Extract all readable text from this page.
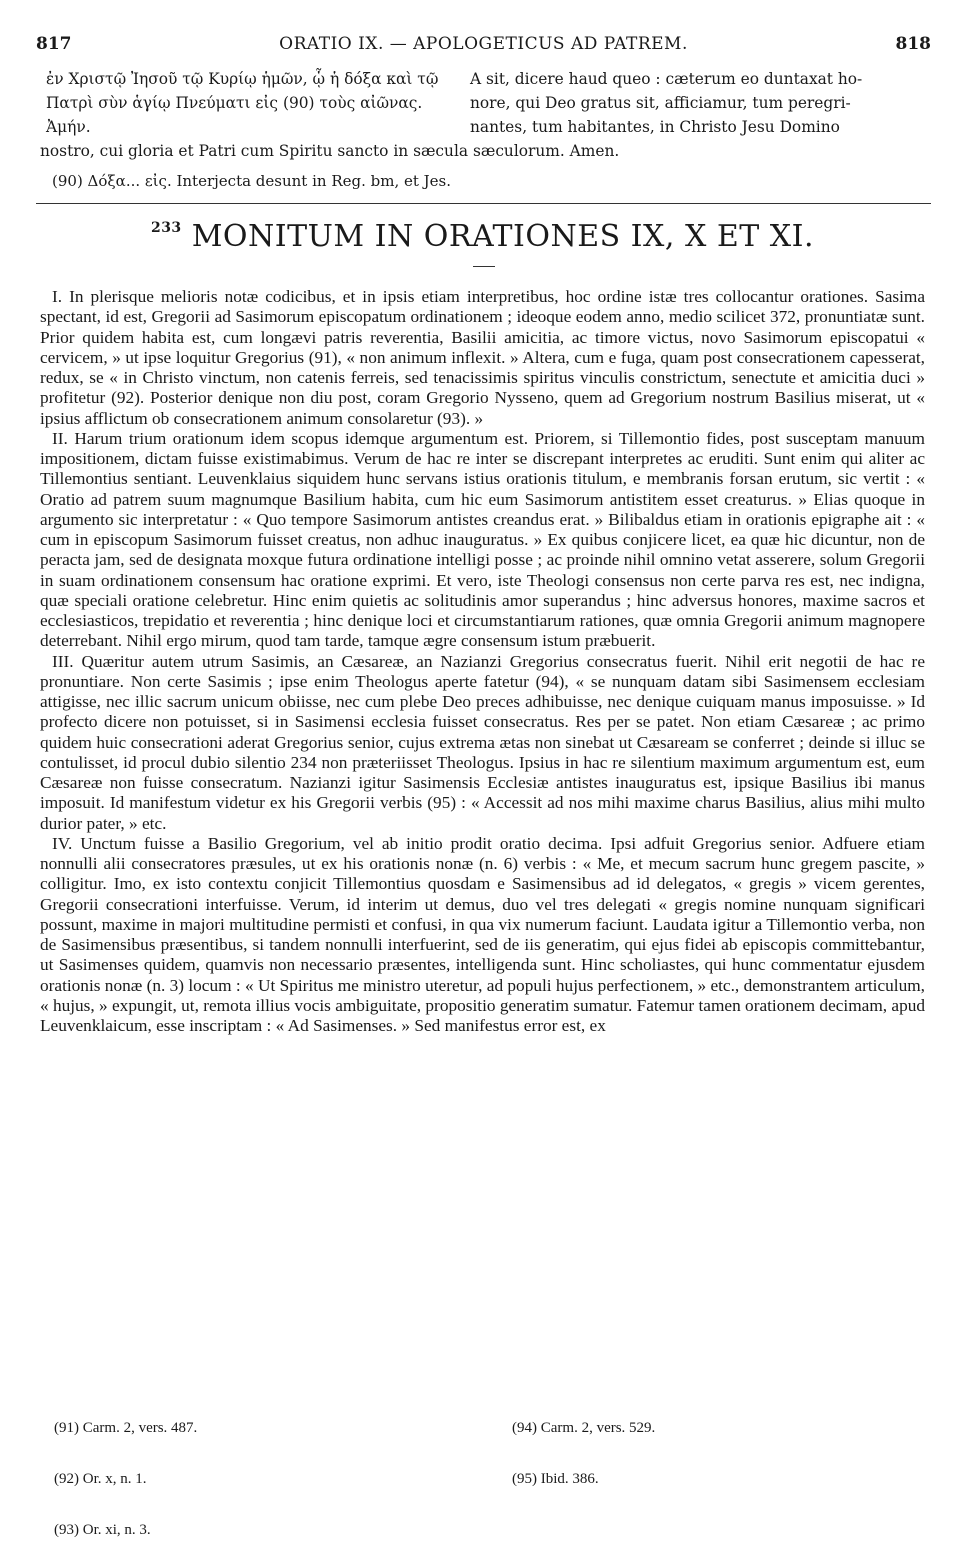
817	ORATIO IX. — APOLOGETICUS AD PATREM.	818
ἐν Χριστῷ Ἰησοῦ τῷ Κυρίῳ ἡμῶν, ᾧ ἡ δόξα καὶ τῷ
Πατρὶ σὺν ἁγίῳ Πνεύματι εἰς (90) τοὺς αἰῶνας.
Ἀμήν.
A sit, dicere haud queo : cæterum eo duntaxat ho-
nore, qui Deo gratus sit, afficiamur, tum peregri-
nantes, tum habitantes, in Christo Jesu Domino
nostro, cui gloria et Patri cum Spiritu sancto in sæcula sæculorum. Amen.
(90) Δόξα... εἰς. Interjecta desunt in Reg. bm, et Jes.
$^{233}$ MONITUM IN ORATIONES IX, X ET XI.

I. In plerisque melioris notæ codicibus, et in ipsis etiam interpretibus, hoc ordine istæ tres collocantur orationes. Sasima spectant, id est, Gregorii ad Sasimorum episcopatum ordinationem ; ideoque eodem anno, medio scilicet 372, pronuntiatæ sunt. Prior quidem habita est, cum longævi patris reverentia, Basilii amicitia, ac timore victus, novo Sasimorum episcopatui « cervicem, » ut ipse loquitur Gregorius (91), « non animum inflexit. » Altera, cum e fuga, quam post consecrationem capesserat, redux, se « in Christo vinctum, non catenis ferreis, sed tenacissimis spiritus vinculis constrictum, senectute et amicitia duci » profitetur (92). Posterior denique non diu post, coram Gregorio Nysseno, quem ad Gregorium nostrum Basilius miserat, ut « ipsius afflictum ob consecrationem animum consolaretur (93). »

II. Harum trium orationum idem scopus idemque argumentum est. Priorem, si Tillemontio fides, post susceptam manuum impositionem, dictam fuisse existimabimus. Verum de hac re inter se discrepant interpretes ac eruditi. Sunt enim qui aliter ac Tillemontius sentiant. Leuvenklaius siquidem hunc servans istius orationis titulum, e membranis forsan erutum, sic vertit : « Oratio ad patrem suum magnumque Basilium habita, cum hic eum Sasimorum antistitem esset creaturus. » Elias quoque in argumento sic interpretatur : « Quo tempore Sasimorum antistes creandus erat. » Bilibaldus etiam in orationis epigraphe ait : « cum in episcopum Sasimorum fuisset creatus, non adhuc inauguratus. » Ex quibus conjicere licet, ea quæ hic dicuntur, non de peracta jam, sed de designata moxque futura ordinatione intelligi posse ; ac proinde nihil omnino vetat asserere, solum Gregorii in suam ordinationem consensum hac oratione exprimi. Et vero, iste Theologi consensus non certe parva res est, nec indigna, quæ speciali oratione celebretur. Hinc enim quietis ac solitudinis amor superandus ; hinc adversus honores, maxime sacros et ecclesiasticos, trepidatio et reverentia ; hinc denique loci et circumstantiarum rationes, quæ omnia Gregorii animum magnopere deterrebant. Nihil ergo mirum, quod tam tarde, tamque ægre consensum istum præbuerit.

III. Quæritur autem utrum Sasimis, an Cæsareæ, an Nazianzi Gregorius consecratus fuerit. Nihil erit negotii de hac re pronuntiare. Non certe Sasimis ; ipse enim Theologus aperte fatetur (94), « se nunquam datam sibi Sasimensem ecclesiam attigisse, nec illic sacrum unicum obiisse, nec cum plebe Deo preces adhibuisse, nec denique cuiquam manus imposuisse. » Id profecto dicere non potuisset, si in Sasimensi ecclesia fuisset consecratus. Res per se patet. Non etiam Cæsareæ ; ac primo quidem huic consecrationi aderat Gregorius senior, cujus extrema ætas non sinebat ut Cæsaream se conferret ; deinde si illuc se contulisset, id procul dubio silentio 234 non præteriisset Theologus. Ipsius in hac re silentium maximum argumentum est, eum Cæsareæ non fuisse consecratum. Nazianzi igitur Sasimensis Ecclesiæ antistes inauguratus est, ipsique Basilius ibi manus imposuit. Id manifestum videtur ex his Gregorii verbis (95) : « Accessit ad nos mihi maxime charus Basilius, alius mihi multo durior pater, » etc.

IV. Unctum fuisse a Basilio Gregorium, vel ab initio prodit oratio decima. Ipsi adfuit Gregorius senior. Adfuere etiam nonnulli alii consecratores præsules, ut ex his orationis nonæ (n. 6) verbis : « Me, et mecum sacrum hunc gregem pascite, » colligitur. Imo, ex isto contextu conjicit Tillemontius quosdam e Sasimensibus ad id delegatos, « gregis » vicem gerentes, Gregorii consecrationi interfuisse. Verum, id interim ut demus, duo vel tres delegati « gregis nomine nunquam significari possunt, maxime in majori multitudine permisti et confusi, in qua vix numerum faciunt. Laudata igitur a Tillemontio verba, non de Sasimensibus præsentibus, si tandem nonnulli interfuerint, sed de iis generatim, qui ejus fidei ab episcopis committebantur, ut Sasimenses quidem, quamvis non necessario præsentes, intelligenda sunt. Hinc scholiastes, qui hunc commentatur ejusdem orationis nonæ (n. 3) locum : « Ut Spiritus me ministro uteretur, ad populi hujus perfectionem, » etc., demonstrantem articulum, « hujus, » expungit, ut, remota illius vocis ambiguitate, propositio generatim sumatur. Fatemur tamen orationem decimam, apud Leuvenklaicum, esse inscriptam : « Ad Sasimenses. » Sed manifestus error est, ex

(91) Carm. 2, vers. 487.

(92) Or. x, n. 1.

(93) Or. xi, n. 3.

(94) Carm. 2, vers. 529.

(95) Ibid. 386.
